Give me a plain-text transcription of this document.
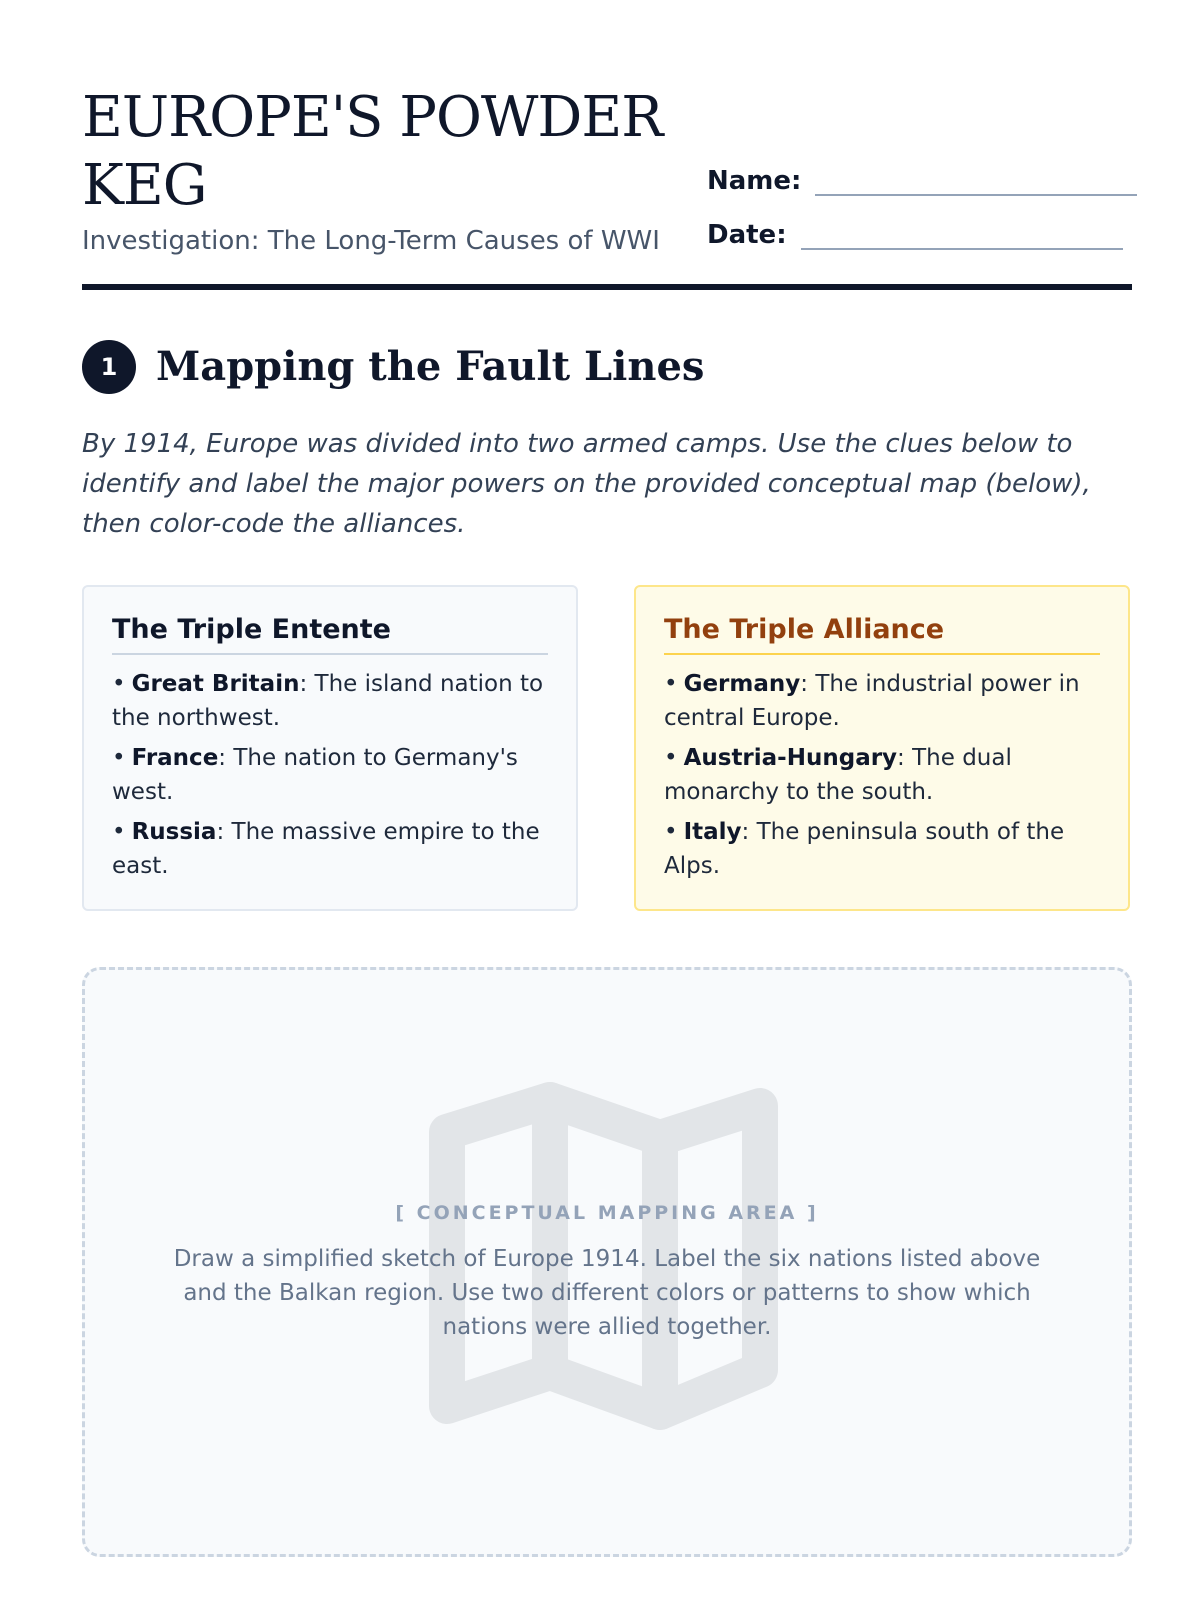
EUROPE'S POWDER KEG

Investigation: The Long-Term Causes of WWI

Name:
Date:
1 Mapping the Fault Lines

By 1914, Europe was divided into two armed camps. Use the clues below to identify and label the major powers on the provided conceptual map (below), then color-code the alliances.

The Triple Entente
• Great Britain: The island nation to the northwest.
• France: The nation to Germany's west.
• Russia: The massive empire to the east.
The Triple Alliance
• Germany: The industrial power in central Europe.
• Austria-Hungary: The dual monarchy to the south.
• Italy: The peninsula south of the Alps.

[ CONCEPTUAL MAPPING AREA ]

Draw a simplified sketch of Europe 1914. Label the six nations listed above and the Balkan region. Use two different colors or patterns to show which nations were allied together.
